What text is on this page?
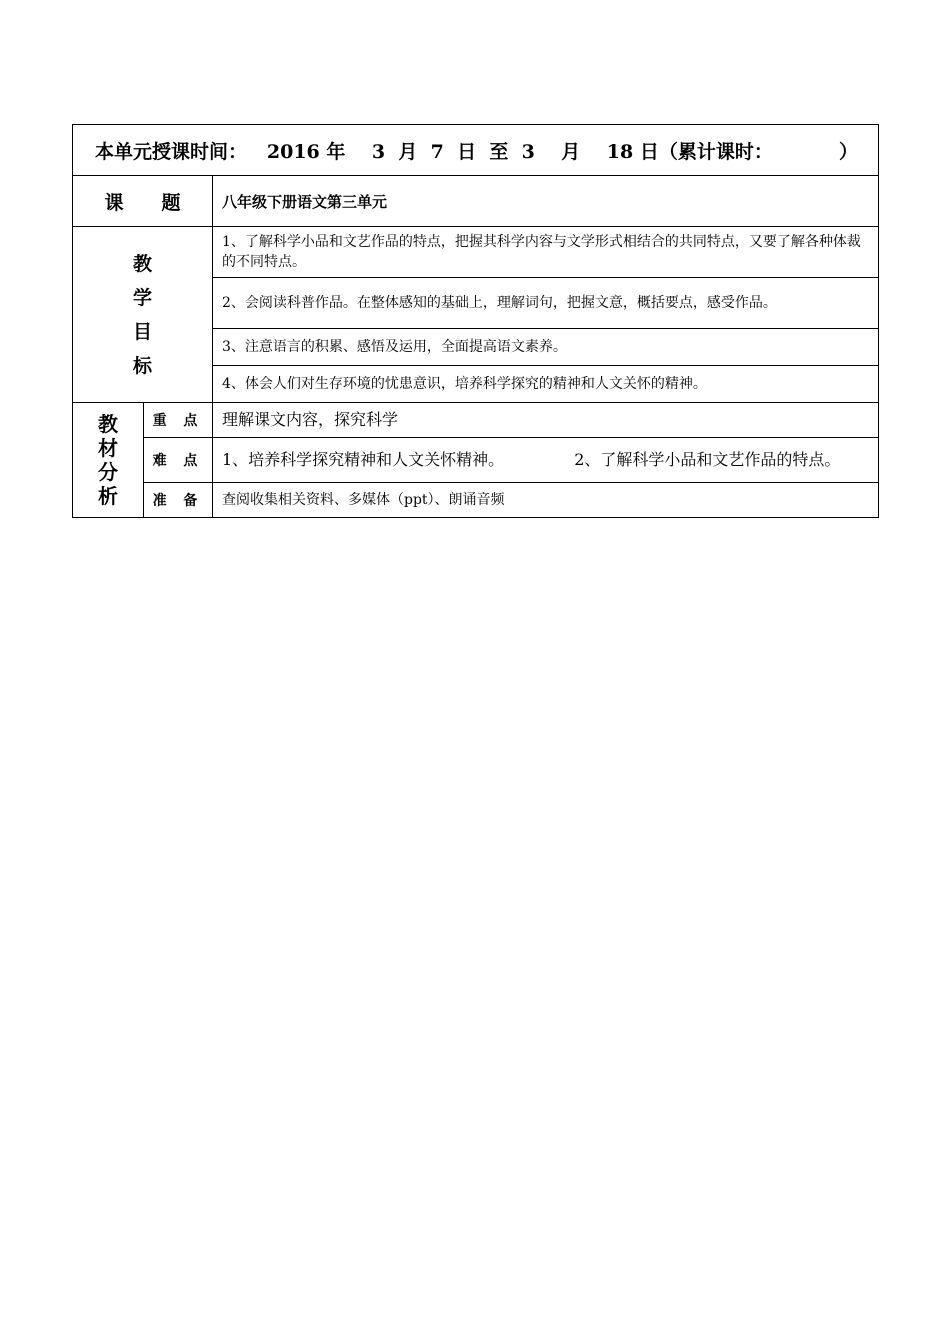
本单元授课时间： 2016 年 3 月 7 日 至 3 月 18 日（累计课时： ）		
课　　题		八年级下册语文第三单元

教
学
目
标		1、了解科学小品和文艺作品的特点，把握其科学内容与文学形式相结合的共同特点，又要了解各种体裁的不同特点。
		2、会阅读科普作品。在整体感知的基础上，理解词句，把握文意，概括要点，感受作品。
		3、注意语言的积累、感悟及运用，全面提高语文素养。
		4、体会人们对生存环境的忧患意识，培养科学探究的精神和人文关怀的精神。

教
材
分
析	重 点	理解课文内容，探究科学
	难 点	1、培养科学探究精神和人文关怀精神。 2、了解科学小品和文艺作品的特点。
	准 备	查阅收集相关资料、多媒体（ppt）、朗诵音频
